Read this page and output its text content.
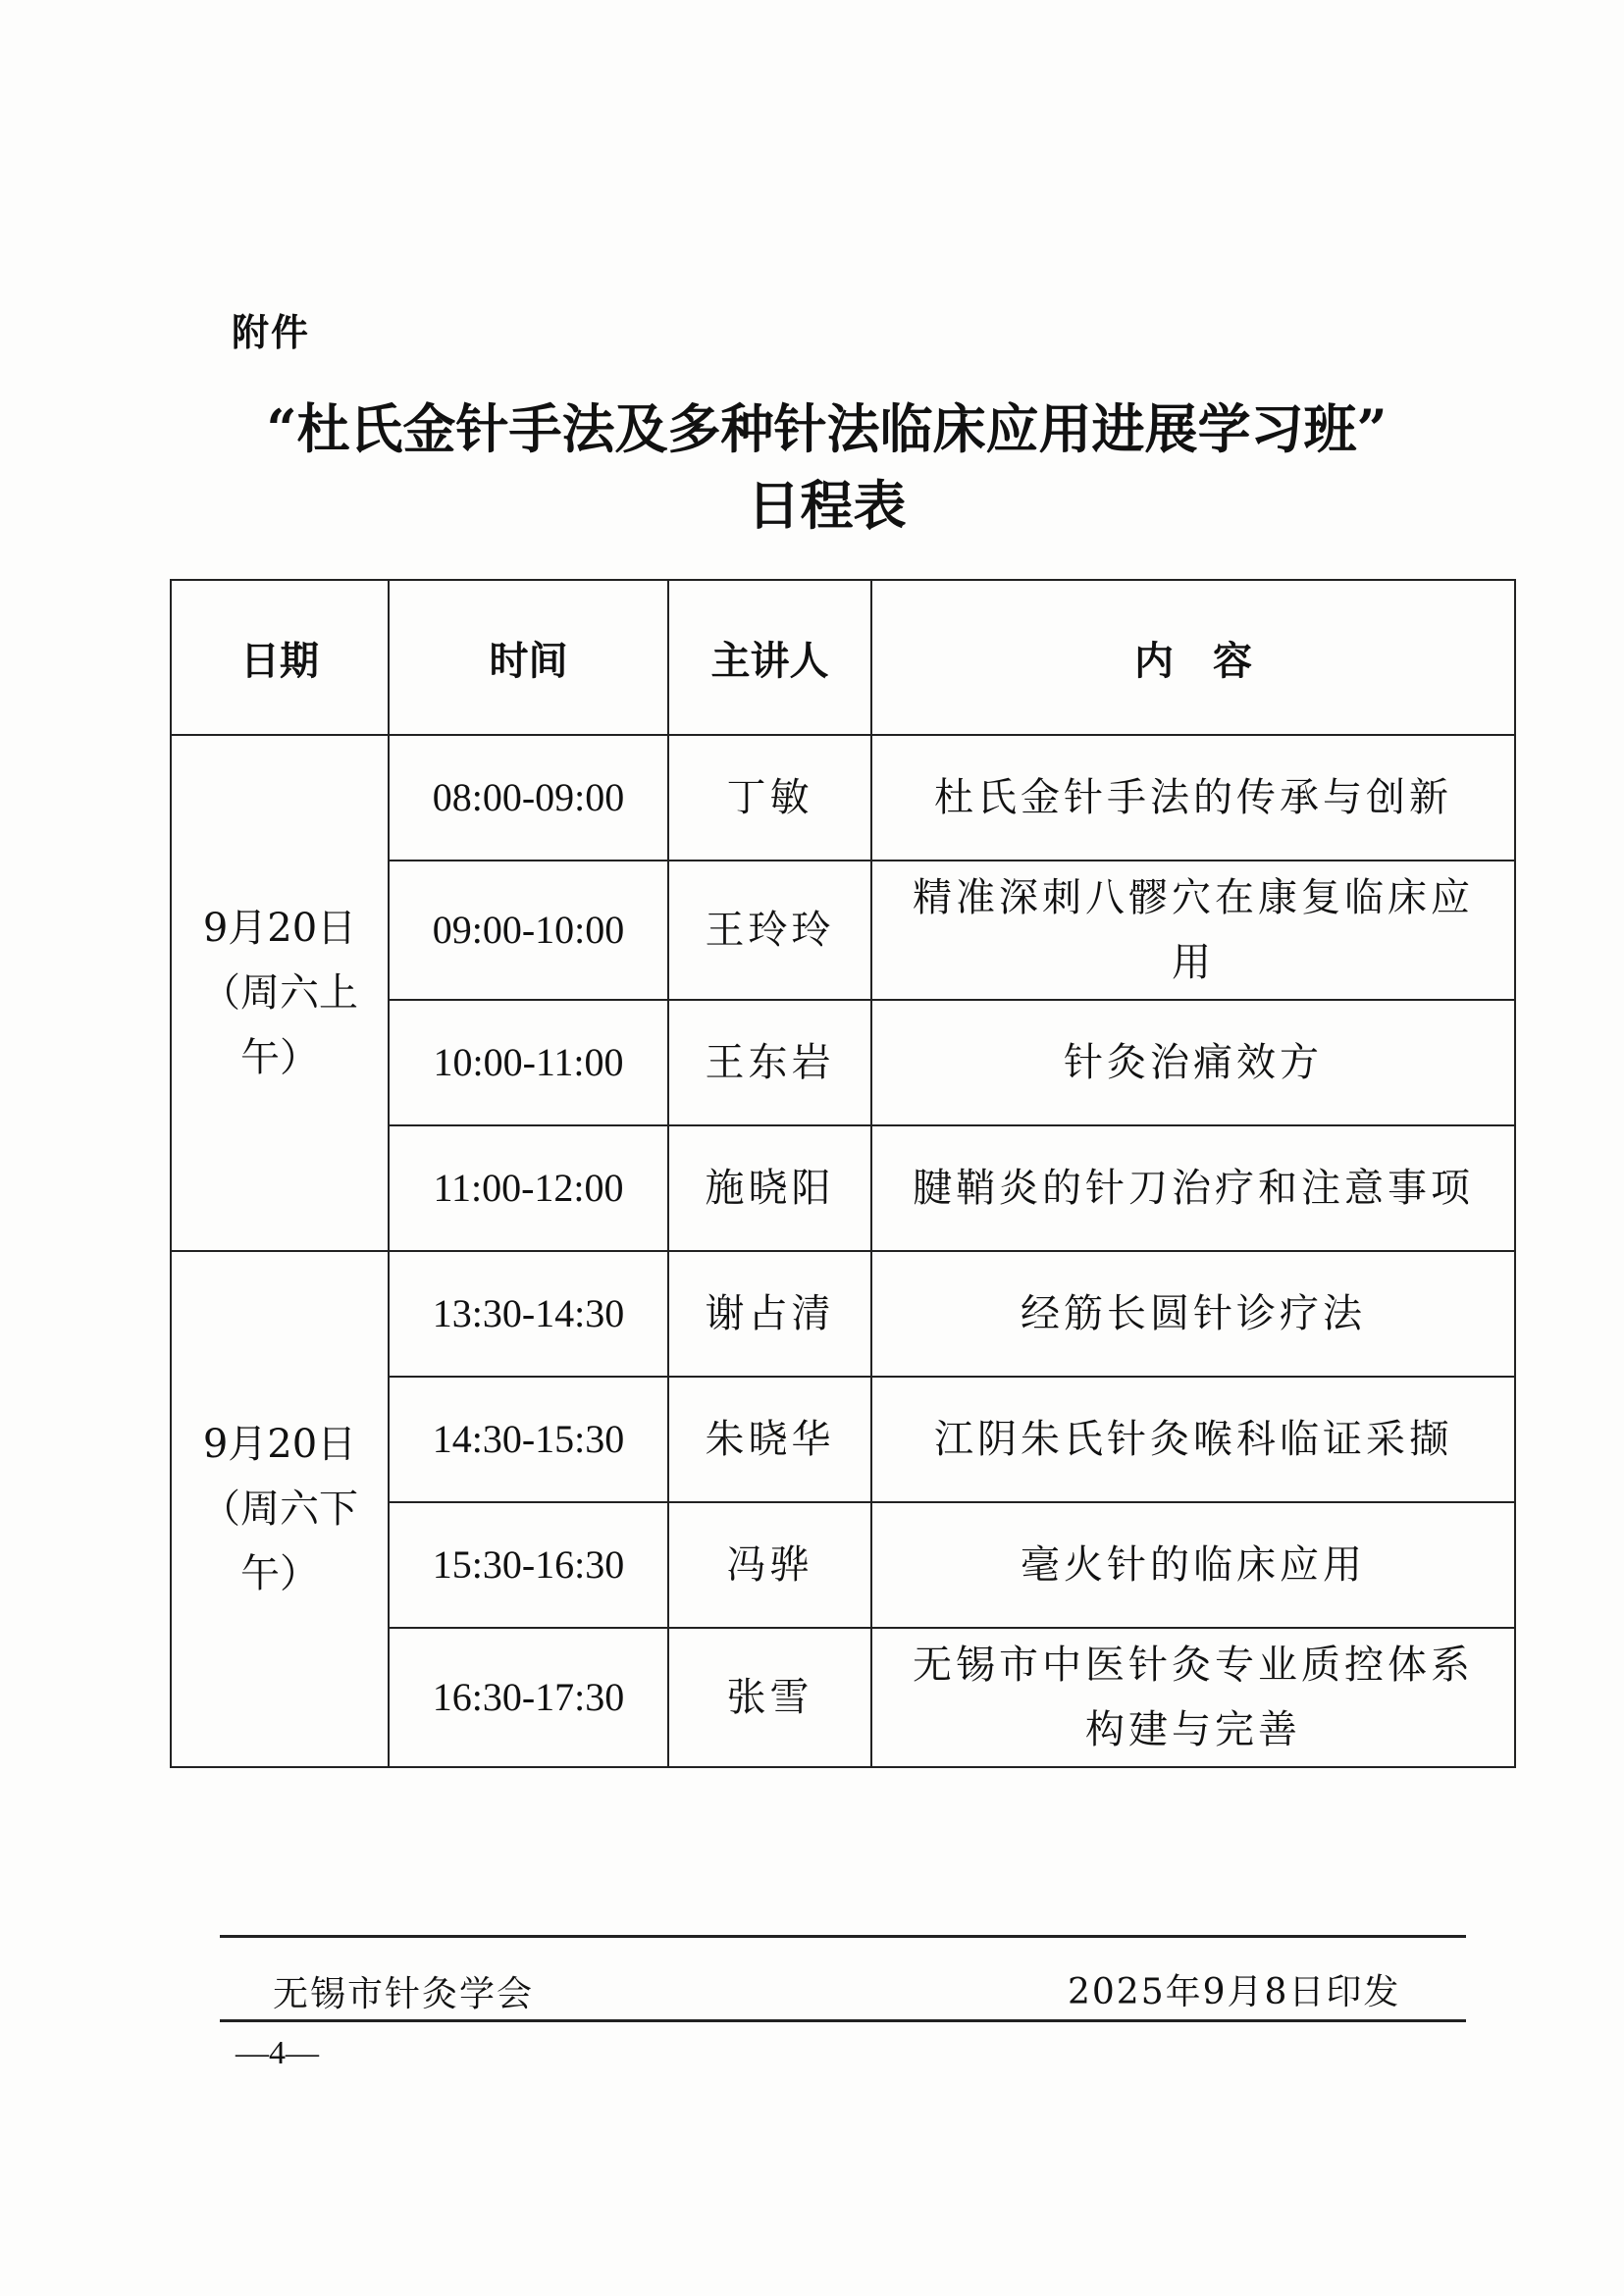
附件
“杜氏金针手法及多种针法临床应用进展学习班”
日程表
日期	时间	主讲人	内　容

9月20日
（周六上
午）	08:00-09:00	丁敏	杜氏金针手法的传承与创新

	09:00-10:00	王玲玲	精准深刺八髎穴在康复临床应
用

	10:00-11:00	王东岩	针灸治痛效方

	11:00-12:00	施晓阳	腱鞘炎的针刀治疗和注意事项

9月20日
（周六下
午）	13:30-14:30	谢占清	经筋长圆针诊疗法

	14:30-15:30	朱晓华	江阴朱氏针灸喉科临证采撷

	15:30-16:30	冯骅	毫火针的临床应用

	16:30-17:30	张雪	无锡市中医针灸专业质控体系
构建与完善
无锡市针灸学会	2025年9月8日印发
—4—
